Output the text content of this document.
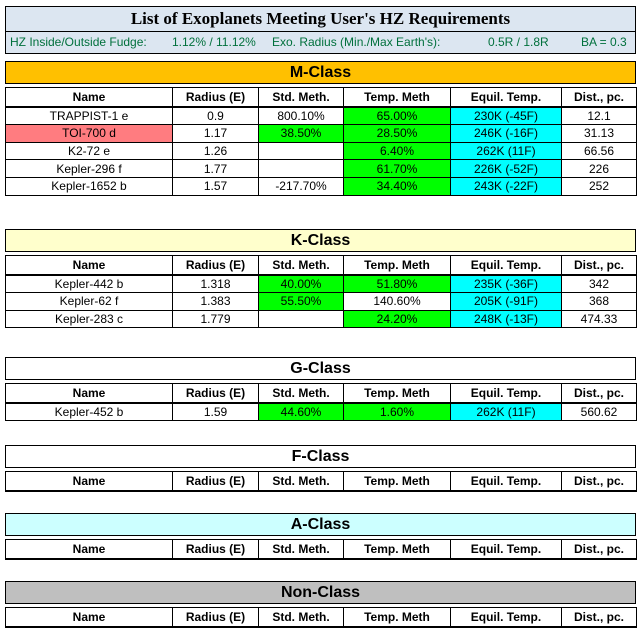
List of Exoplanets Meeting User's HZ Requirements
HZ Inside/Outside Fudge: 1.12% / 11.12% Exo. Radius (Min./Max Earth's):	0.5R / 1.8R	BA = 0.3
M-Class
Name	Radius (E)	Std. Meth.	Temp. Meth	Equil. Temp.	Dist., pc.
TRAPPIST-1 e	0.9	800.10%	65.00%	230K (-45F)	12.1
TOI-700 d	1.17	38.50%	28.50%	246K (-16F)	31.13
K2-72 e	1.26		6.40%	262K (11F)	66.56
Kepler-296 f	1.77		61.70%	226K (-52F)	226
Kepler-1652 b	1.57	-217.70%	34.40%	243K (-22F)	252
K-Class
Name	Radius (E)	Std. Meth.	Temp. Meth	Equil. Temp.	Dist., pc.
Kepler-442 b	1.318	40.00%	51.80%	235K (-36F)	342
Kepler-62 f	1.383	55.50%	140.60%	205K (-91F)	368
Kepler-283 c	1.779		24.20%	248K (-13F)	474.33
G-Class
Name	Radius (E)	Std. Meth.	Temp. Meth	Equil. Temp.	Dist., pc.
Kepler-452 b	1.59	44.60%	1.60%	262K (11F)	560.62
F-Class
Name	Radius (E)	Std. Meth.	Temp. Meth	Equil. Temp.	Dist., pc.
A-Class
Name	Radius (E)	Std. Meth.	Temp. Meth	Equil. Temp.	Dist., pc.
Non-Class
Name	Radius (E)	Std. Meth.	Temp. Meth	Equil. Temp.	Dist., pc.
